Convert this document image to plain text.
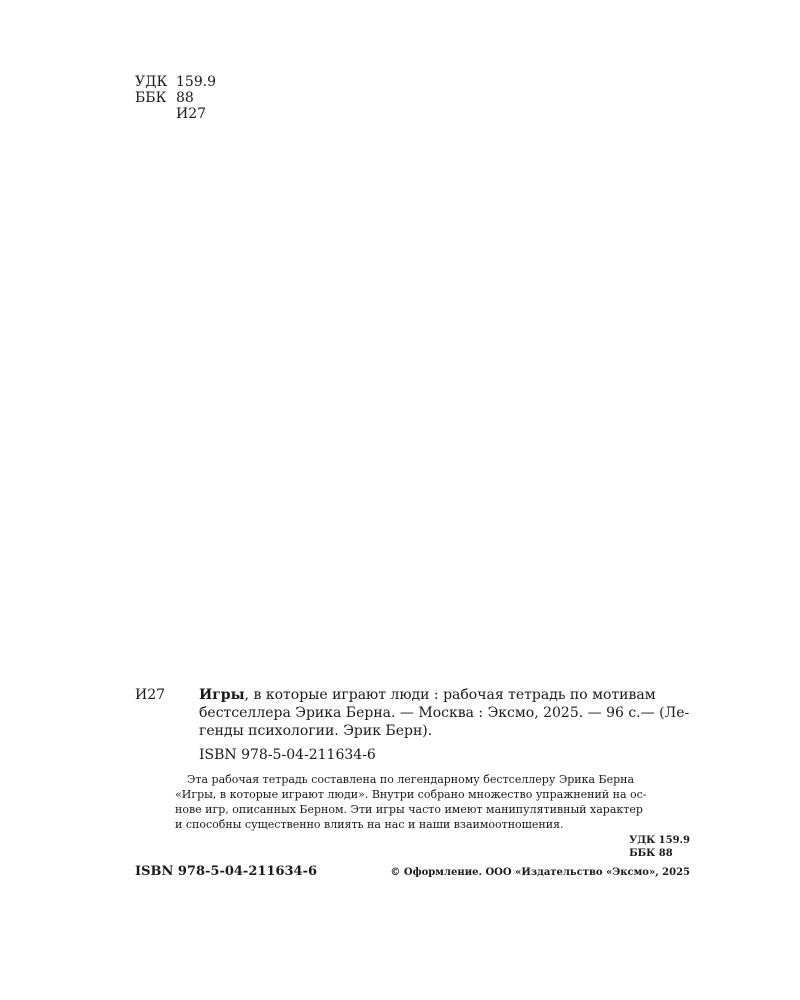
УДК 159.9
ББК 88
И27
И27	Игры, в которые играют люди : рабочая тетрадь по мотивам
бестселлера Эрика Берна. — Москва : Эксмо, 2025. — 96 с.— (Ле-
генды психологии. Эрик Берн).
ISBN 978-5-04-211634-6
Эта рабочая тетрадь составлена по легендарному бестселлеру Эрика Берна
«Игры, в которые играют люди». Внутри собрано множество упражнений на ос-
нове игр, описанных Берном. Эти игры часто имеют манипулятивный характер
и способны существенно влиять на нас и наши взаимоотношения.
УДК 159.9
ББК 88
ISBN 978-5-04-211634-6	© Оформление. ООО «Издательство «Эксмо», 2025
